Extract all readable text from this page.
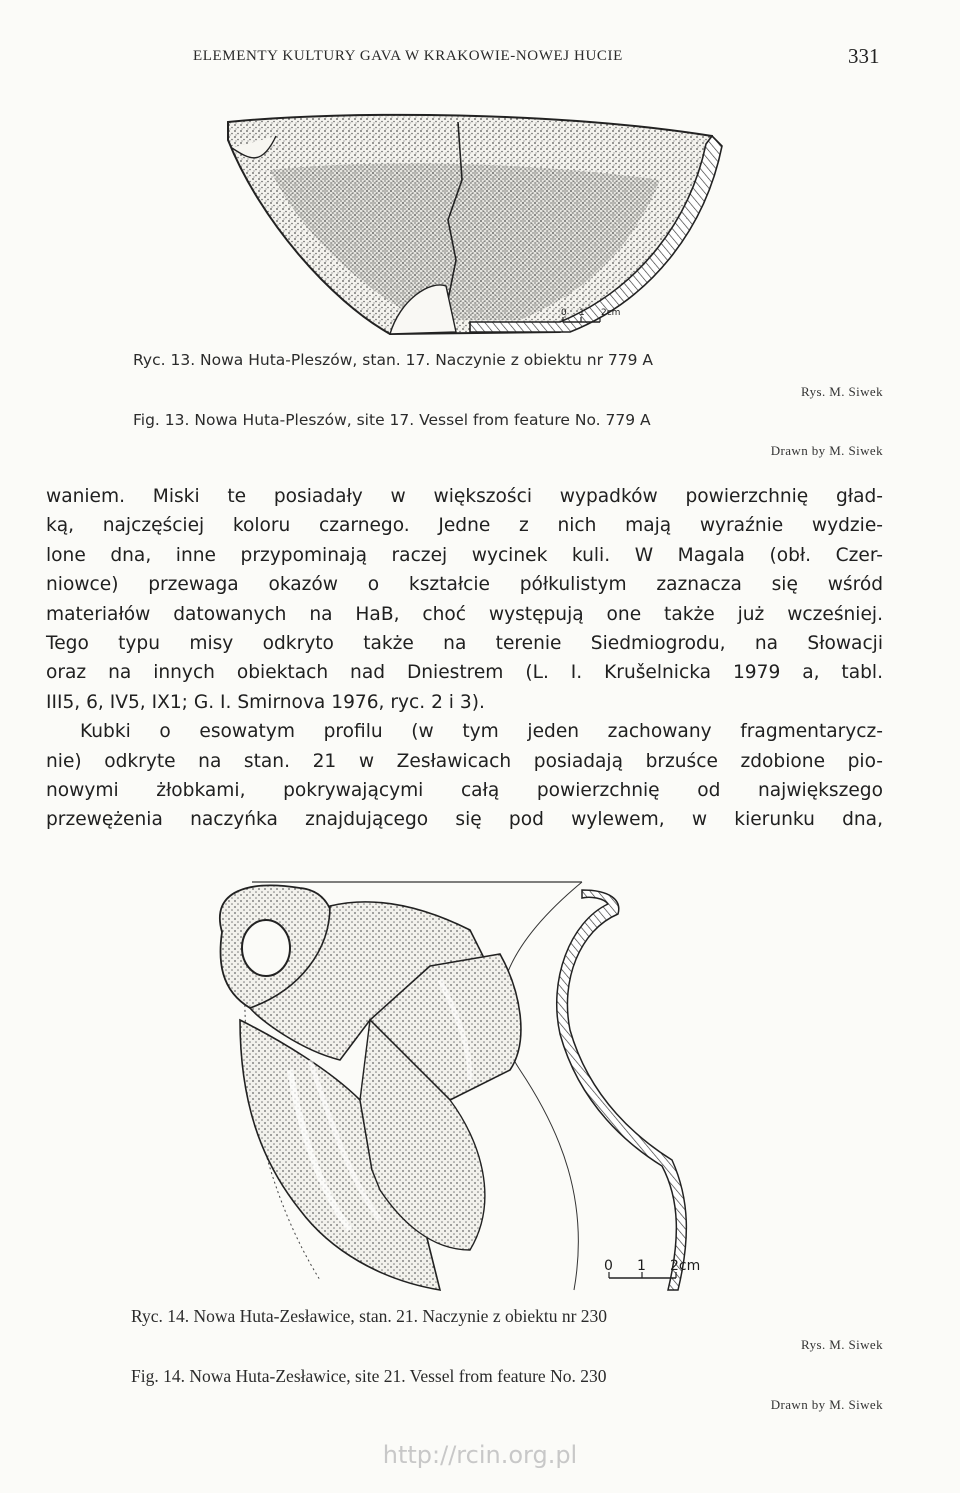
ELEMENTY KULTURY GAVA W KRAKOWIE-NOWEJ HUCIE	331
0 1 2cm
Ryc. 13. Nowa Huta-Pleszów, stan. 17. Naczynie z obiektu nr 779 A
Rys. M. Siwek
Fig. 13. Nowa Huta-Pleszów, site 17. Vessel from feature No. 779 A
Drawn by M. Siwek

waniem. Miski te posiadały w większości wypadków powierzchnię gład-

ką, najczęściej koloru czarnego. Jedne z nich mają wyraźnie wydzie-

lone dna, inne przypominają raczej wycinek kuli. W Magala (obł. Czer-

niowce) przewaga okazów o kształcie półkulistym zaznacza się wśród

materiałów datowanych na HaB, choć występują one także już wcześniej.

Tego typu misy odkryto także na terenie Siedmiogrodu, na Słowacji

oraz na innych obiektach nad Dniestrem (L. I. Krušelnicka 1979 a, tabl.

III5, 6, IV5, IX1; G. I. Smirnova 1976, ryc. 2 i 3).

Kubki o esowatym profilu (w tym jeden zachowany fragmentarycz-

nie) odkryte na stan. 21 w Zesławicach posiadają brzuśce zdobione pio-

nowymi żłobkami, pokrywającymi całą powierzchnię od największego

przewężenia naczyńka znajdującego się pod wylewem, w kierunku dna,

0 1 2cm
Ryc. 14. Nowa Huta-Zesławice, stan. 21. Naczynie z obiektu nr 230
Rys. M. Siwek
Fig. 14. Nowa Huta-Zesławice, site 21. Vessel from feature No. 230
Drawn by M. Siwek
http://rcin.org.pl
